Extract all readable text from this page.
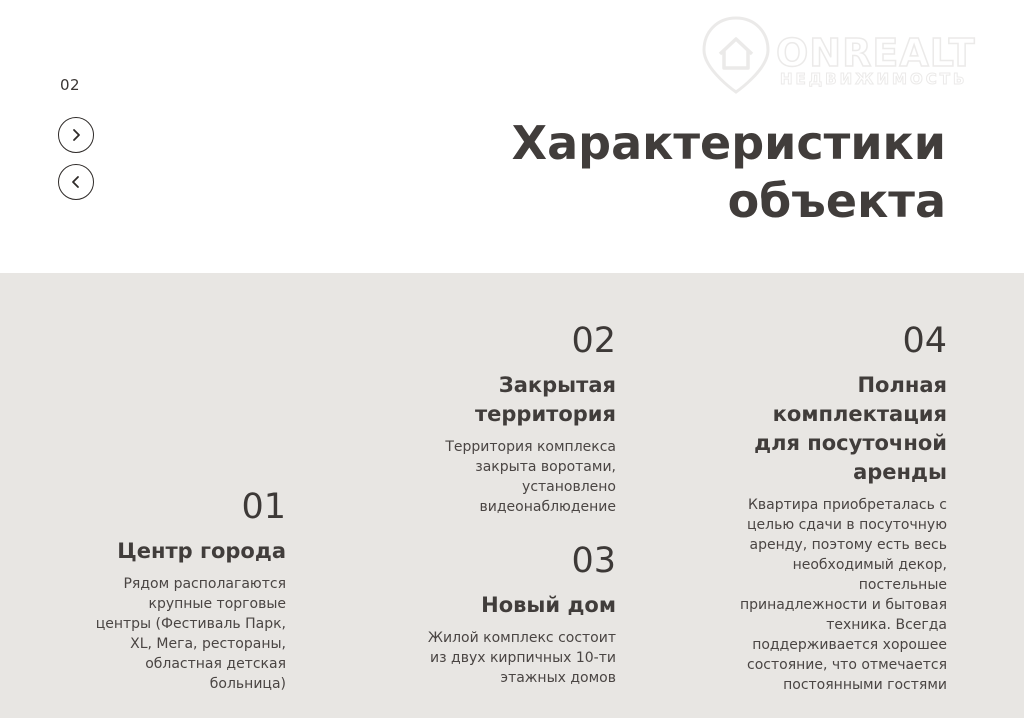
02
ONREALT
НЕДВИЖИМОСТЬ
Характеристики
объекта
01
Центр города
Рядом располагаются
крупные торговые
центры (Фестиваль Парк,
XL, Мега, рестораны,
областная детская
больница)
02
Закрытая
территория
Территория комплекса
закрыта воротами,
установлено
видеонаблюдение
03
Новый дом
Жилой комплекс состоит
из двух кирпичных 10-ти
этажных домов
04
Полная
комплектация
для посуточной
аренды
Квартира приобреталась с
целью сдачи в посуточную
аренду, поэтому есть весь
необходимый декор,
постельные
принадлежности и бытовая
техника. Всегда
поддерживается хорошее
состояние, что отмечается
постоянными гостями
